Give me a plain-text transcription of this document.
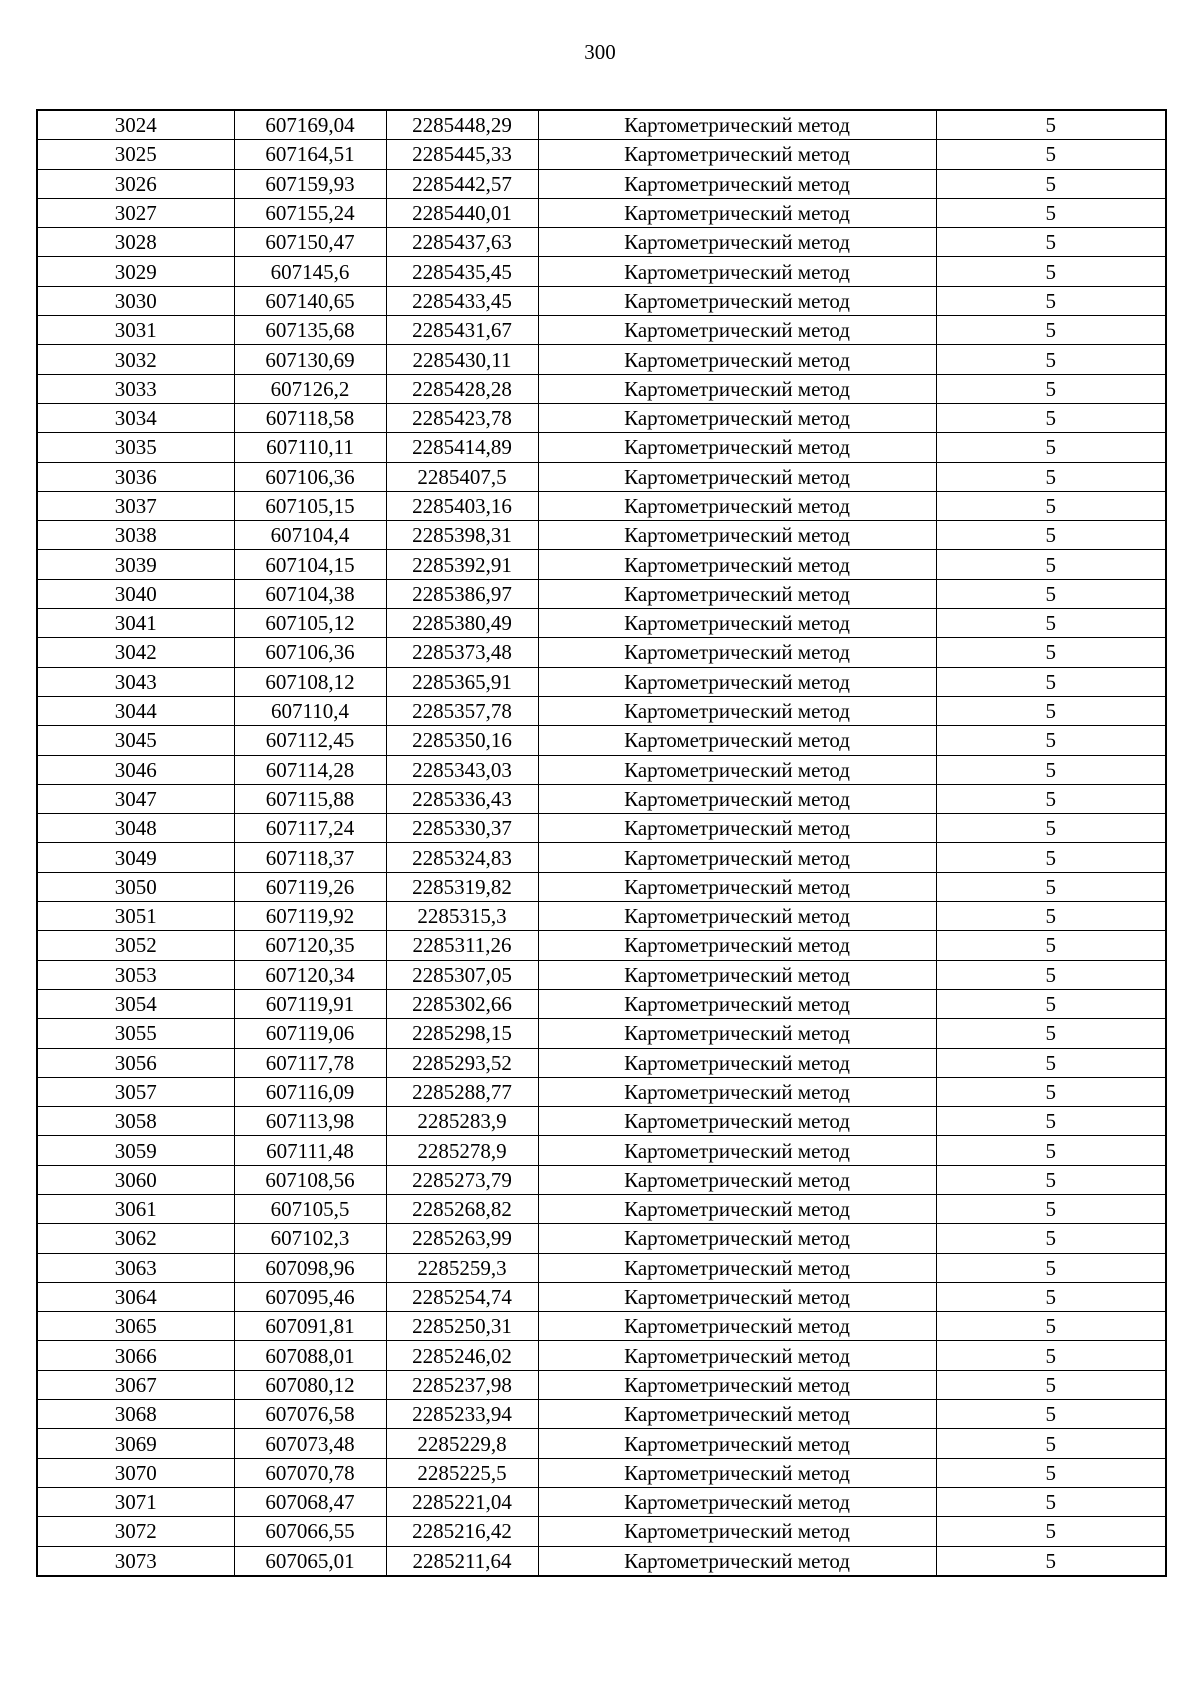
300
3024	607169,04	2285448,29	Картометрический метод	5
3025	607164,51	2285445,33	Картометрический метод	5
3026	607159,93	2285442,57	Картометрический метод	5
3027	607155,24	2285440,01	Картометрический метод	5
3028	607150,47	2285437,63	Картометрический метод	5
3029	607145,6	2285435,45	Картометрический метод	5
3030	607140,65	2285433,45	Картометрический метод	5
3031	607135,68	2285431,67	Картометрический метод	5
3032	607130,69	2285430,11	Картометрический метод	5
3033	607126,2	2285428,28	Картометрический метод	5
3034	607118,58	2285423,78	Картометрический метод	5
3035	607110,11	2285414,89	Картометрический метод	5
3036	607106,36	2285407,5	Картометрический метод	5
3037	607105,15	2285403,16	Картометрический метод	5
3038	607104,4	2285398,31	Картометрический метод	5
3039	607104,15	2285392,91	Картометрический метод	5
3040	607104,38	2285386,97	Картометрический метод	5
3041	607105,12	2285380,49	Картометрический метод	5
3042	607106,36	2285373,48	Картометрический метод	5
3043	607108,12	2285365,91	Картометрический метод	5
3044	607110,4	2285357,78	Картометрический метод	5
3045	607112,45	2285350,16	Картометрический метод	5
3046	607114,28	2285343,03	Картометрический метод	5
3047	607115,88	2285336,43	Картометрический метод	5
3048	607117,24	2285330,37	Картометрический метод	5
3049	607118,37	2285324,83	Картометрический метод	5
3050	607119,26	2285319,82	Картометрический метод	5
3051	607119,92	2285315,3	Картометрический метод	5
3052	607120,35	2285311,26	Картометрический метод	5
3053	607120,34	2285307,05	Картометрический метод	5
3054	607119,91	2285302,66	Картометрический метод	5
3055	607119,06	2285298,15	Картометрический метод	5
3056	607117,78	2285293,52	Картометрический метод	5
3057	607116,09	2285288,77	Картометрический метод	5
3058	607113,98	2285283,9	Картометрический метод	5
3059	607111,48	2285278,9	Картометрический метод	5
3060	607108,56	2285273,79	Картометрический метод	5
3061	607105,5	2285268,82	Картометрический метод	5
3062	607102,3	2285263,99	Картометрический метод	5
3063	607098,96	2285259,3	Картометрический метод	5
3064	607095,46	2285254,74	Картометрический метод	5
3065	607091,81	2285250,31	Картометрический метод	5
3066	607088,01	2285246,02	Картометрический метод	5
3067	607080,12	2285237,98	Картометрический метод	5
3068	607076,58	2285233,94	Картометрический метод	5
3069	607073,48	2285229,8	Картометрический метод	5
3070	607070,78	2285225,5	Картометрический метод	5
3071	607068,47	2285221,04	Картометрический метод	5
3072	607066,55	2285216,42	Картометрический метод	5
3073	607065,01	2285211,64	Картометрический метод	5
